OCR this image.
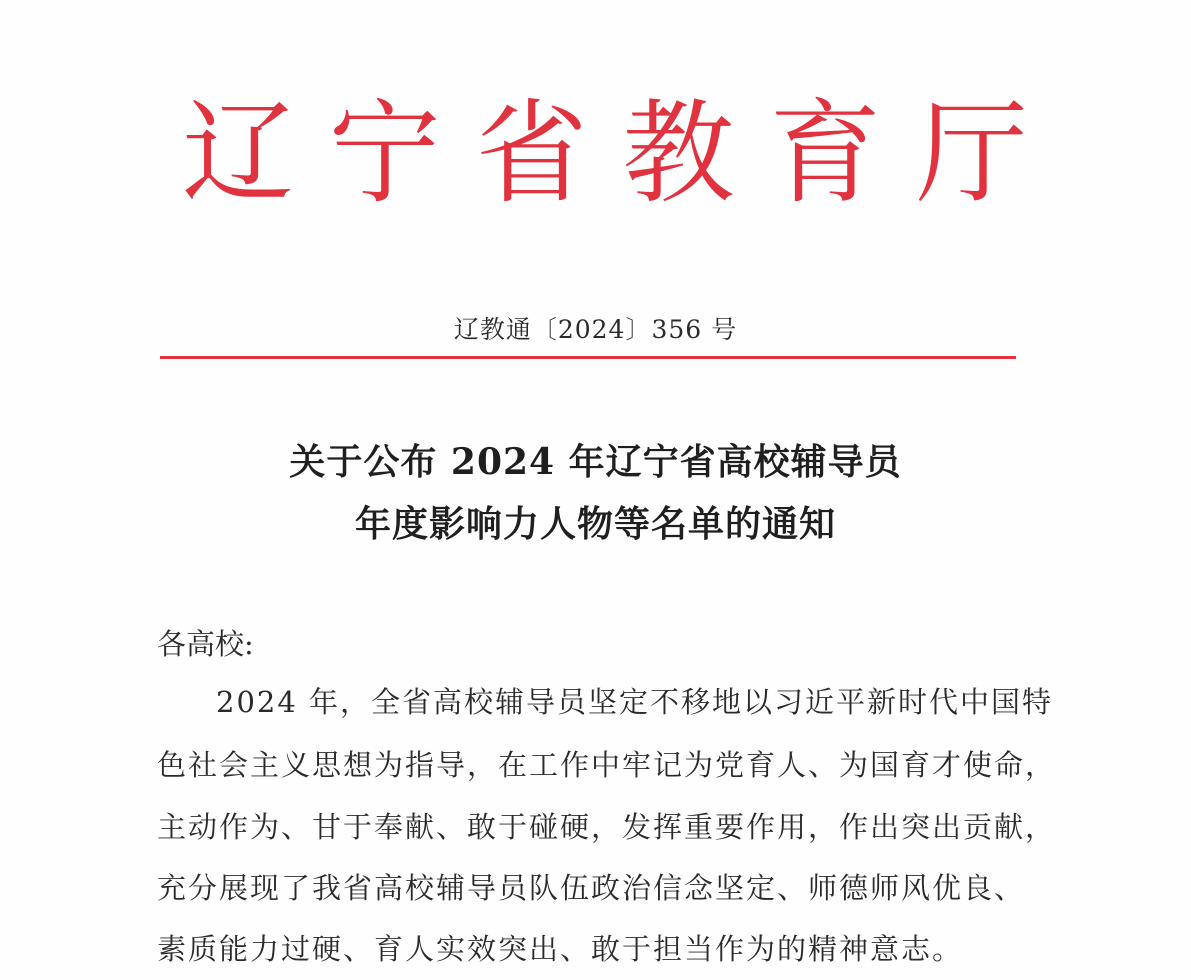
辽 宁 省 教 育 厅
辽教通〔2024〕356 号
关于公布 2024 年辽宁省高校辅导员
年度影响力人物等名单的通知
各高校:
2024 年，全省高校辅导员坚定不移地以习近平新时代中国特
色社会主义思想为指导，在工作中牢记为党育人、为国育才使命，
主动作为、甘于奉献、敢于碰硬，发挥重要作用，作出突出贡献，
充分展现了我省高校辅导员队伍政治信念坚定、师德师风优良、
素质能力过硬、育人实效突出、敢于担当作为的精神意志。
